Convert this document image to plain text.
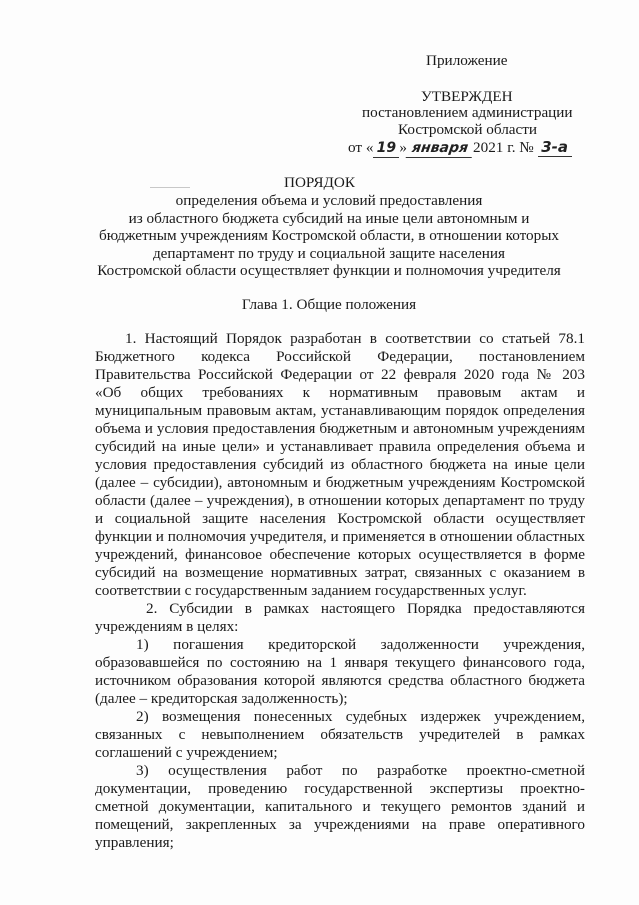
Приложение
УТВЕРЖДЕН
постановлением администрации
Костромской области
от « 19 » января 2021 г. № 3-а
ПОРЯДОК
определения объема и условий предоставления
из областного бюджета субсидий на иные цели автономным и
бюджетным учреждениям Костромской области, в отношении которых
департамент по труду и социальной защите населения
Костромской области осуществляет функции и полномочия учредителя
Глава 1. Общие положения
1. Настоящий Порядок разработан в соответствии со статьей 78.1
Бюджетного кодекса Российской Федерации, постановлением
Правительства Российской Федерации от 22 февраля 2020 года № 203
«Об общих требованиях к нормативным правовым актам и
муниципальным правовым актам, устанавливающим порядок определения
объема и условия предоставления бюджетным и автономным учреждениям
субсидий на иные цели» и устанавливает правила определения объема и
условия предоставления субсидий из областного бюджета на иные цели
(далее – субсидии), автономным и бюджетным учреждениям Костромской
области (далее – учреждения), в отношении которых департамент по труду
и социальной защите населения Костромской области осуществляет
функции и полномочия учредителя, и применяется в отношении областных
учреждений, финансовое обеспечение которых осуществляется в форме
субсидий на возмещение нормативных затрат, связанных с оказанием в
соответствии с государственным заданием государственных услуг.
2. Субсидии в рамках настоящего Порядка предоставляются
учреждениям в целях:
1) погашения кредиторской задолженности учреждения,
образовавшейся по состоянию на 1 января текущего финансового года,
источником образования которой являются средства областного бюджета
(далее – кредиторская задолженность);
2) возмещения понесенных судебных издержек учреждением,
связанных с невыполнением обязательств учредителей в рамках
соглашений с учреждением;
3) осуществления работ по разработке проектно-сметной
документации, проведению государственной экспертизы проектно-
сметной документации, капитального и текущего ремонтов зданий и
помещений, закрепленных за учреждениями на праве оперативного
управления;
